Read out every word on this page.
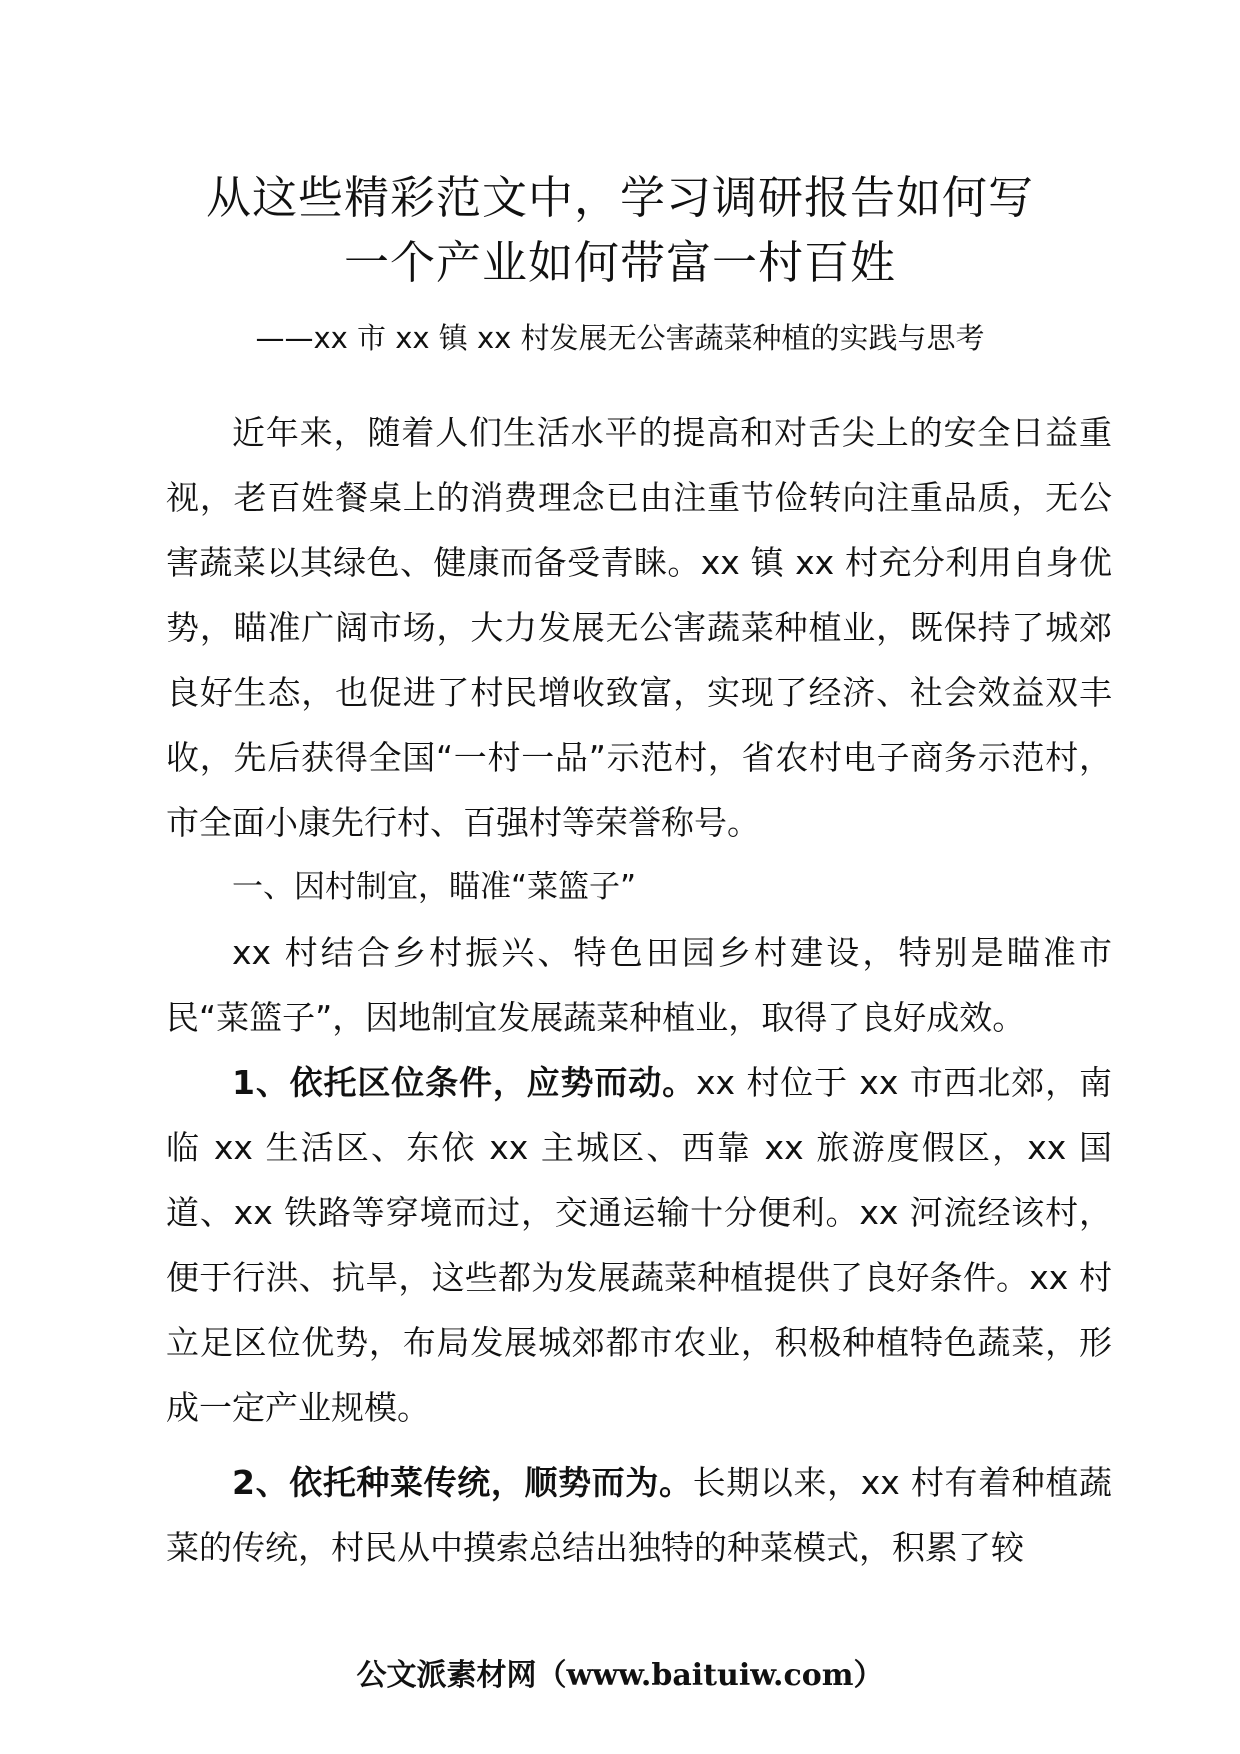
从这些精彩范文中，学习调研报告如何写
一个产业如何带富一村百姓

——xx 市 xx 镇 xx 村发展无公害蔬菜种植的实践与思考

近年来，随着人们生活水平的提高和对舌尖上的安全日益重视，老百姓餐桌上的消费理念已由注重节俭转向注重品质，无公害蔬菜以其绿色、健康而备受青睐。xx 镇 xx 村充分利用自身优势，瞄准广阔市场，大力发展无公害蔬菜种植业，既保持了城郊良好生态，也促进了村民增收致富，实现了经济、社会效益双丰收，先后获得全国“一村一品”示范村，省农村电子商务示范村，市全面小康先行村、百强村等荣誉称号。

一、因村制宜，瞄准“菜篮子”

xx 村结合乡村振兴、特色田园乡村建设，特别是瞄准市民“菜篮子”，因地制宜发展蔬菜种植业，取得了良好成效。

1、依托区位条件，应势而动。xx 村位于 xx 市西北郊，南临 xx 生活区、东依 xx 主城区、西靠 xx 旅游度假区，xx 国道、xx 铁路等穿境而过，交通运输十分便利。xx 河流经该村，便于行洪、抗旱，这些都为发展蔬菜种植提供了良好条件。xx 村立足区位优势，布局发展城郊都市农业，积极种植特色蔬菜，形成一定产业规模。

2、依托种菜传统，顺势而为。长期以来，xx 村有着种植蔬菜的传统，村民从中摸索总结出独特的种菜模式，积累了较

公文派素材网（www.baituiw.com）
